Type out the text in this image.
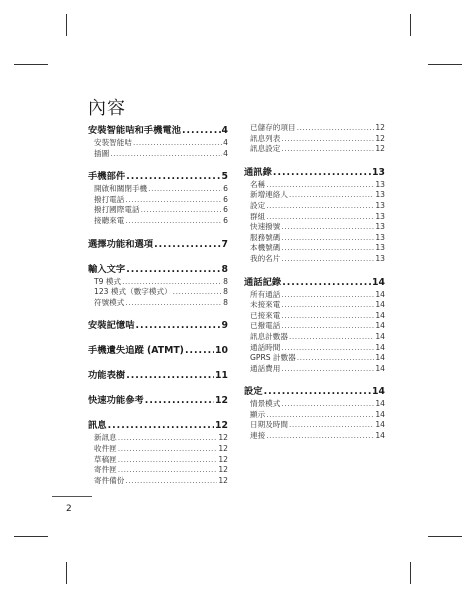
內容
安裝智能咭和手機電池 .....	4
安裝智能咭 .....	4
插圖 .....	4
手機部件 .....	5
開啟和關閉手機 .....	6
撥打電話 .....	6
撥打國際電話 .....	6
接聽來電 .....	6
選擇功能和選項 .....	7
輸入文字 .....	8
T9 模式 .....	8
123 模式（數字模式） .....	8
符號模式 .....	8
安裝記憶咭 .....	9
手機遺失追蹤 (ATMT) .....	10
功能表樹 .....	11
快速功能參考 .....	12
訊息 .....	12
新訊息 .....	12
收件匣 .....	12
草稿匣 .....	12
寄件匣 .....	12
寄件備份 .....	12
已儲存的項目 .....	12
訊息列表 .....	12
訊息設定 .....	12
通訊錄 .....	13
名稱 .....	13
新增連絡人 .....	13
設定 .....	13
群組 .....	13
快速撥號 .....	13
服務號碼 .....	13
本機號碼 .....	13
我的名片 .....	13
通話記錄 .....	14
所有通話 .....	14
未接來電 .....	14
已接來電 .....	14
已撥電話 .....	14
訊息計數器 .....	14
通話時間 .....	14
GPRS 計數器 .....	14
通話費用 .....	14
設定 .....	14
情景模式 .....	14
顯示 .....	14
日期及時間 .....	14
連接 .....	14
2
